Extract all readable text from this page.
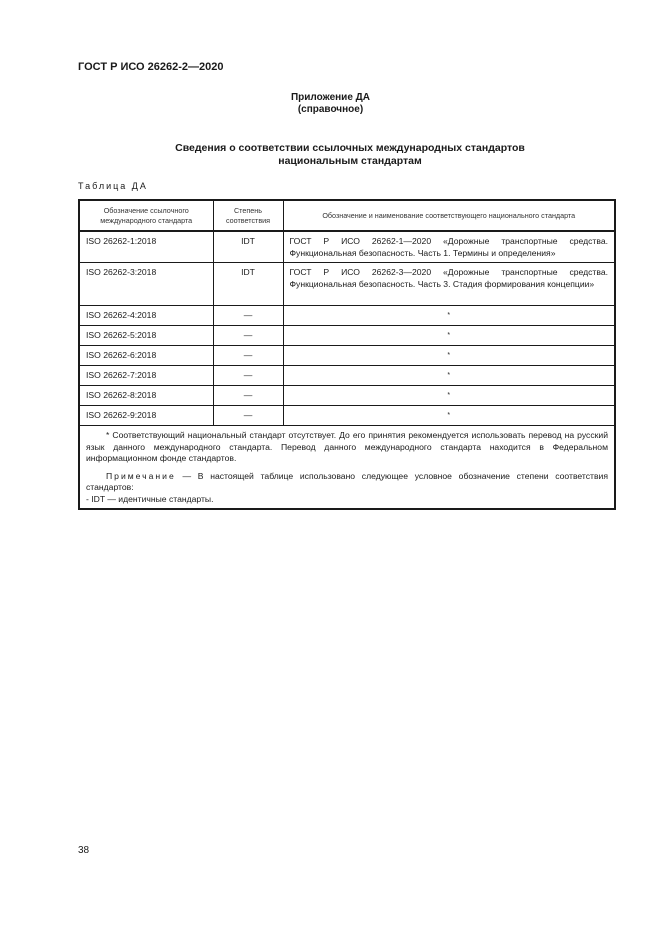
ГОСТ Р ИСО 26262-2—2020
Приложение ДА
(справочное)
Сведения о соответствии ссылочных международных стандартов
национальным стандартам
Таблица ДА
Обозначение ссылочного международного стандарта	Степень соответствия	Обозначение и наименование соответствующего национального стандарта
ISO 26262-1:2018	IDT	ГОСТ Р ИСО 26262-1—2020 «Дорожные транспортные средства. Функциональная безопасность. Часть 1. Термины и определения»
ISO 26262-3:2018	IDT	ГОСТ Р ИСО 26262-3—2020 «Дорожные транспортные средства. Функциональная безопасность. Часть 3. Стадия формирования концепции»
ISO 26262-4:2018	—	*
ISO 26262-5:2018	—	*
ISO 26262-6:2018	—	*
ISO 26262-7:2018	—	*
ISO 26262-8:2018	—	*
ISO 26262-9:2018	—	*

* Соответствующий национальный стандарт отсутствует. До его принятия рекомендуется использовать перевод на русский язык данного международного стандарта. Перевод данного международного стандарта находится в Федеральном информационном фонде стандартов.
Примечание — В настоящей таблице использовано следующее условное обозначение степени соответствия стандартов:
- IDT — идентичные стандарты.		
38
